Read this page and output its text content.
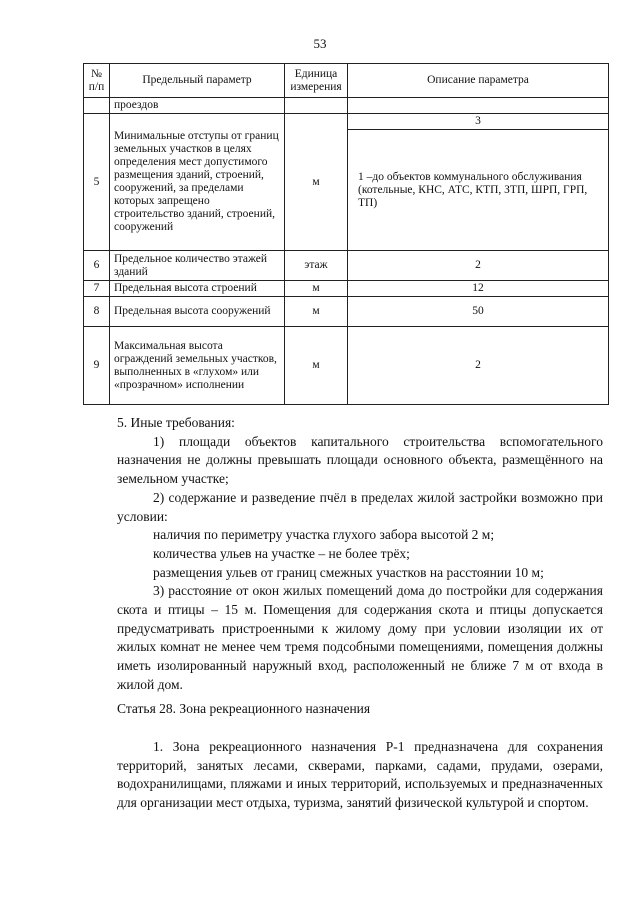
53
№ п/п	Предельный параметр	Единица измерения	Описание параметра
	проездов		
5	Минимальные отступы от границ земельных участков в целях определения мест допустимого размещения зданий, строений, сооружений, за пределами которых запрещено строительство зданий, строений, сооружений	м	3
			1 –до объектов коммунального обслуживания (котельные, КНС, АТС, КТП, ЗТП, ШРП, ГРП, ТП)
6	Предельное количество этажей зданий	этаж	2
7	Предельная высота строений	м	12
8	Предельная высота сооружений	м	50
9	Максимальная высота ограждений земельных участков, выполненных в «глухом» или «прозрачном» исполнении	м	2
5. Иные требования:
1) площади объектов капитального строительства вспомогательного назначения не должны превышать площади основного объекта, размещённого на земельном участке;
2) содержание и разведение пчёл в пределах жилой застройки возможно при условии:
наличия по периметру участка глухого забора высотой 2 м;
количества ульев на участке – не более трёх;
размещения ульев от границ смежных участков на расстоянии 10 м;
3) расстояние от окон жилых помещений дома до постройки для содержания скота и птицы – 15 м. Помещения для содержания скота и птицы допускается предусматривать пристроенными к жилому дому при условии изоляции их от жилых комнат не менее чем тремя подсобными помещениями, помещения должны иметь изолированный наружный вход, расположенный не ближе 7 м от входа в жилой дом.
Статья 28. Зона рекреационного назначения
1. Зона рекреационного назначения Р-1 предназначена для сохранения территорий, занятых лесами, скверами, парками, садами, прудами, озерами, водохранилищами, пляжами и иных территорий, используемых и предназначенных для организации мест отдыха, туризма, занятий физической культурой и спортом.
